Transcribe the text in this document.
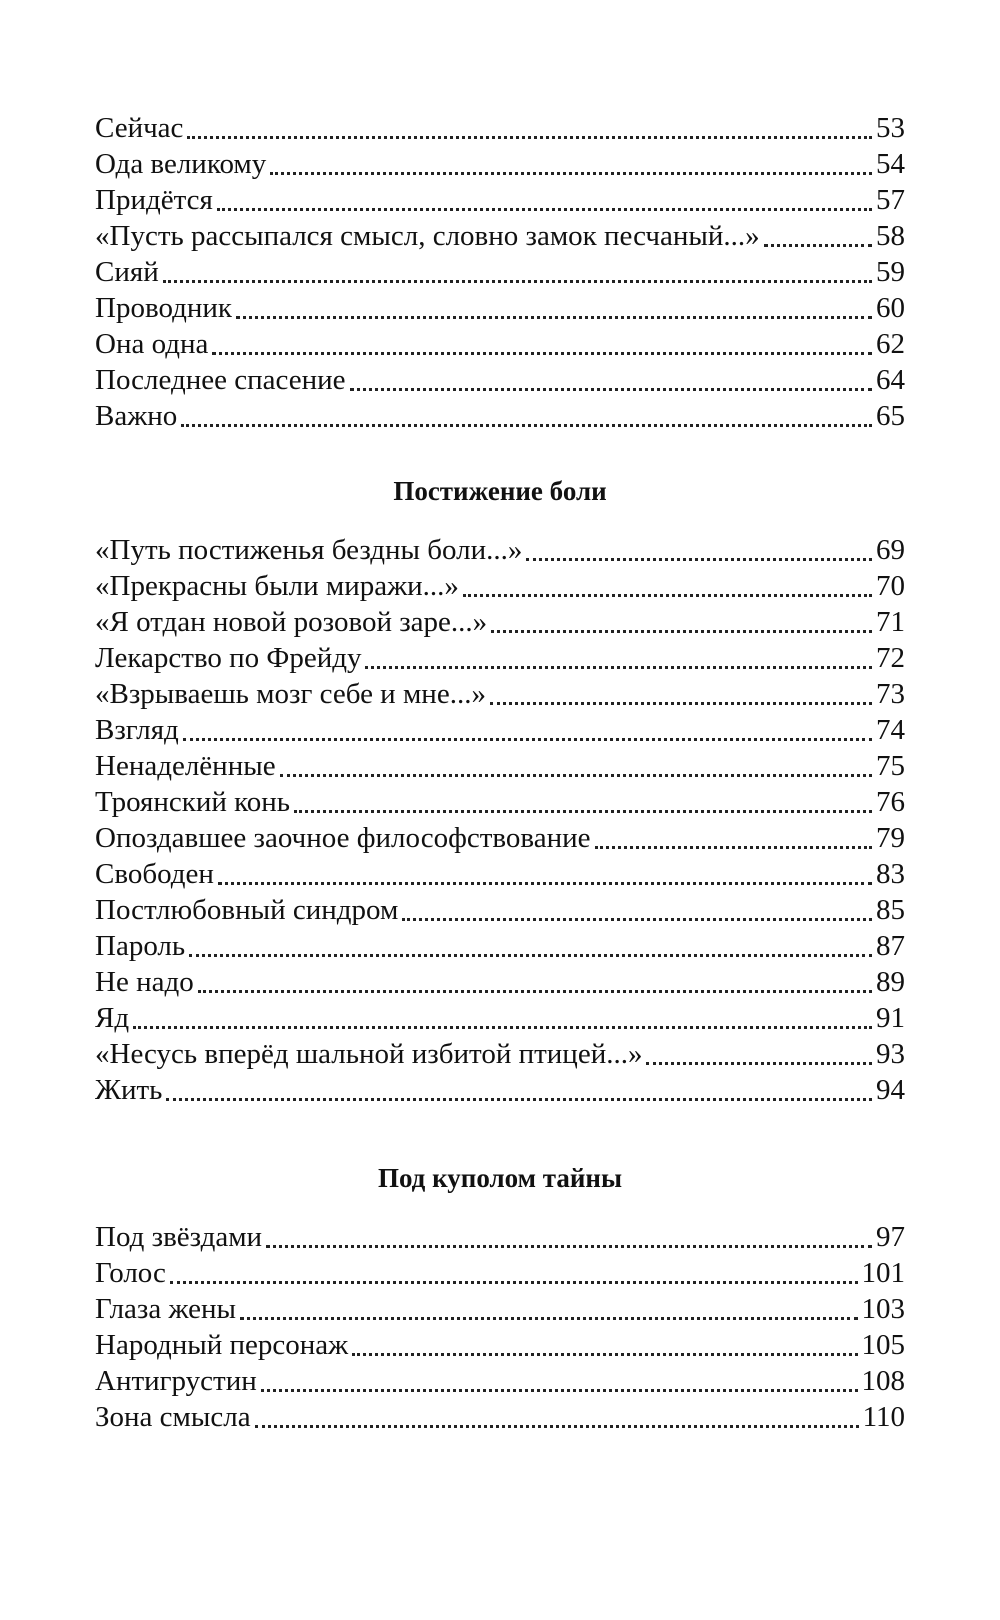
Сейчас	53
Ода великому	54
Придётся	57
«Пусть рассыпался смысл, словно замок песчаный...»	58
Сияй	59
Проводник	60
Она одна	62
Последнее спасение	64
Важно	65
Постижение боли
«Путь постиженья бездны боли...»	69
«Прекрасны были миражи...»	70
«Я отдан новой розовой заре...»	71
Лекарство по Фрейду	72
«Взрываешь мозг себе и мне...»	73
Взгляд	74
Ненаделённые	75
Троянский конь	76
Опоздавшее заочное философствование	79
Свободен	83
Постлюбовный синдром	85
Пароль	87
Не надо	89
Яд	91
«Несусь вперёд шальной избитой птицей...»	93
Жить	94
Под куполом тайны
Под звёздами	97
Голос	101
Глаза жены	103
Народный персонаж	105
Антигрустин	108
Зона смысла	110
